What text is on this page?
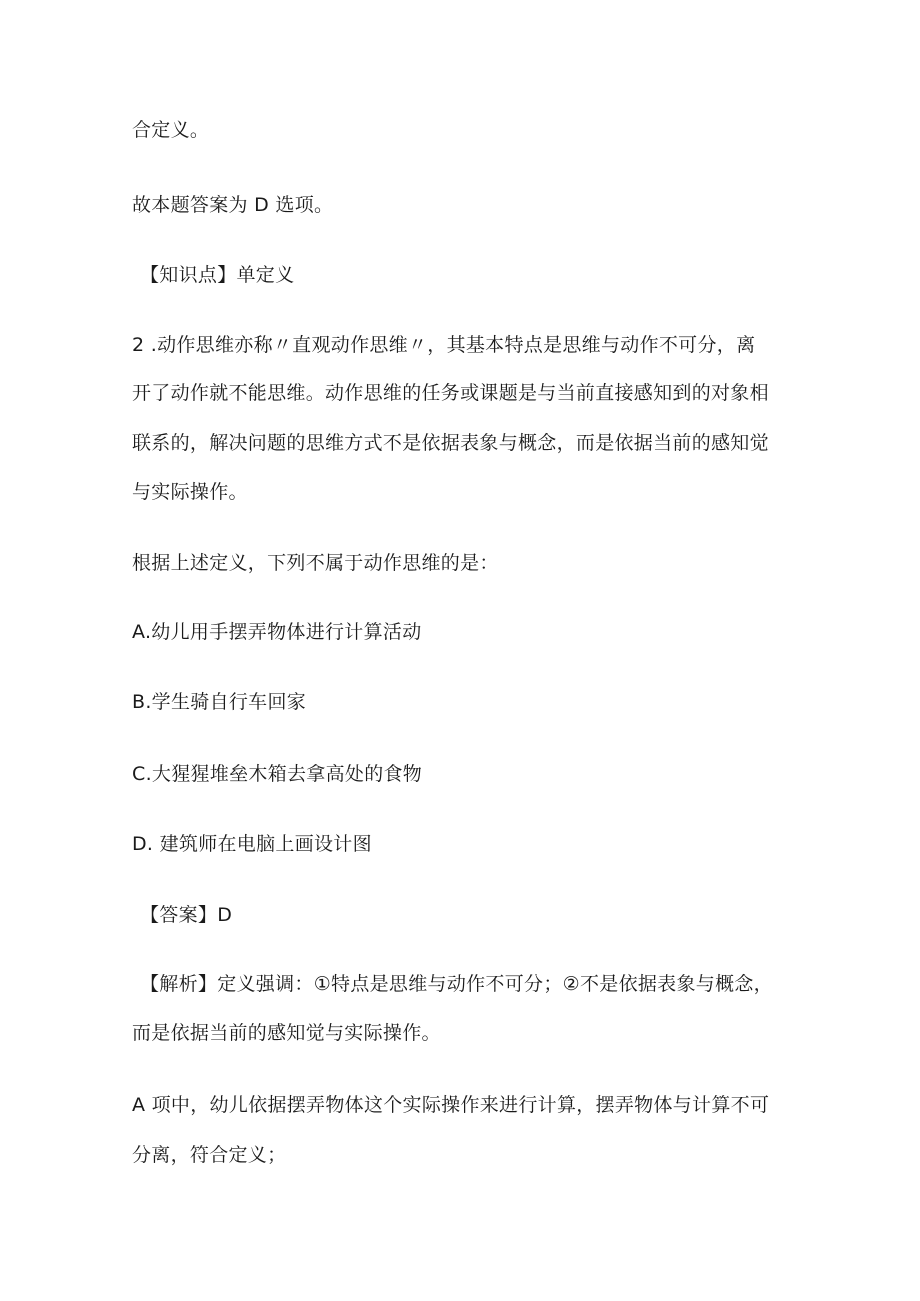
合定义。
故本题答案为 D 选项。
【知识点】单定义
2 .动作思维亦称〃直观动作思维〃，其基本特点是思维与动作不可分，离
开了动作就不能思维。动作思维的任务或课题是与当前直接感知到的对象相
联系的，解决问题的思维方式不是依据表象与概念，而是依据当前的感知觉
与实际操作。
根据上述定义，下列不属于动作思维的是：
A.幼儿用手摆弄物体进行计算活动
B.学生骑自行车回家
C.大猩猩堆垒木箱去拿高处的食物
D. 建筑师在电脑上画设计图
【答案】D
【解析】定义强调：①特点是思维与动作不可分；②不是依据表象与概念，
而是依据当前的感知觉与实际操作。
A 项中，幼儿依据摆弄物体这个实际操作来进行计算，摆弄物体与计算不可
分离，符合定义；
